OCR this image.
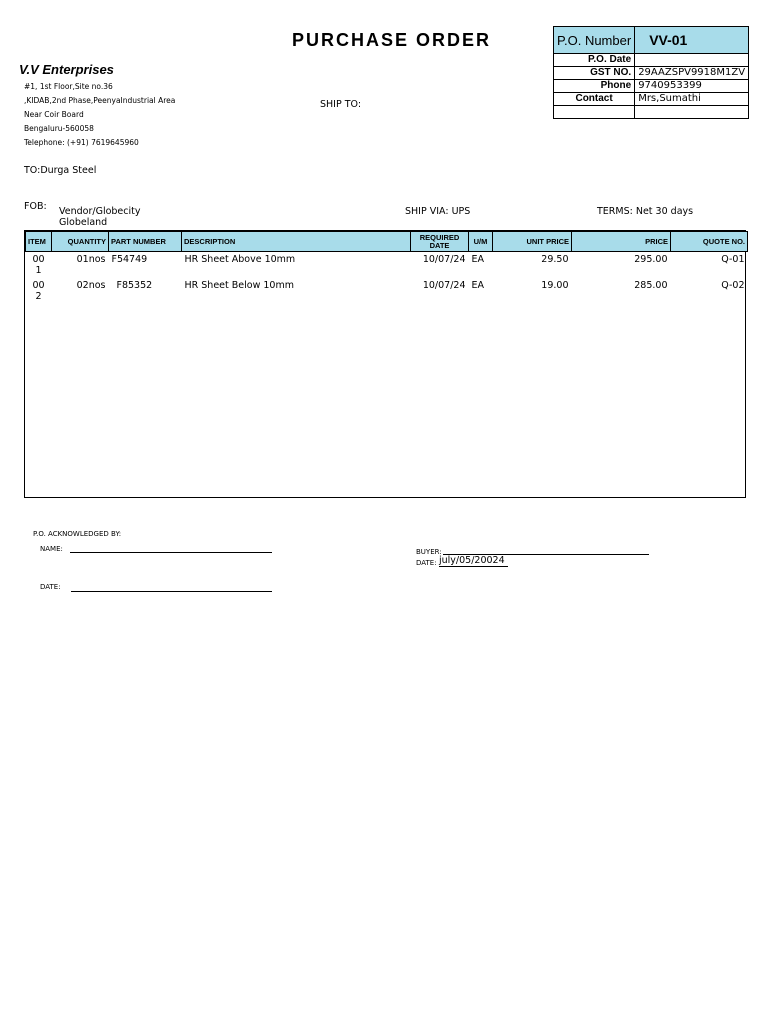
PURCHASE ORDER	P.O. Number	VV-01
P.O. Date	
GST NO.	29AAZSPV9918M1ZV
Phone	9740953399
Contact	Mrs,Sumathi

V.V Enterprises
#1, 1st Floor,Site no.36
,KIDAB,2nd Phase,PeenyaIndustrial Area
Near Coir Board
Bengaluru-560058
Telephone: (+91) 7619645960
SHIP TO:
TO:Durga Steel
FOB: Vendor/Globecity
Globeland
SHIP VIA: UPS	TERMS: Net 30 days
ITEM	QUANTITY	PART NUMBER	DESCRIPTION	REQUIRED DATE	U/M	UNIT PRICE	PRICE	QUOTE NO.
00 1	01nos	F54749	HR Sheet Above 10mm	10/07/24	EA	29.50	295.00	Q-01
00 2	02nos	F85352	HR Sheet Below 10mm	10/07/24	EA	19.00	285.00	Q-02
P.O. ACKNOWLEDGED BY:
NAME:
DATE:
BUYER:
DATE: july/05/20024
